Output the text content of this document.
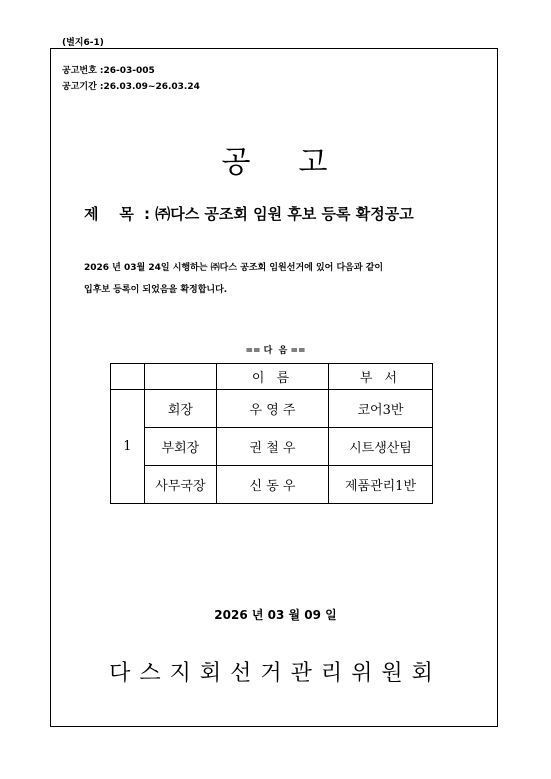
(별지6-1)
공고번호 :26-03-005
공고기간 :26.03.09~26.03.24
공    고
제    목 : ㈜다스 공조회 임원 후보 등록 확정공고
2026 년 03월 24일 시행하는 ㈜다스 공조회 임원선거에 있어 다음과 같이
입후보 등록이 되었음을 확정합니다.
== 다  음 ==
		이 름	부 서
1	회장	우 영 주	코어3반
	부회장	권 철 우	시트생산팀
	사무국장	신 동 우	제품관리1반
2026 년 03 월 09 일
다스지회선거관리위원회
